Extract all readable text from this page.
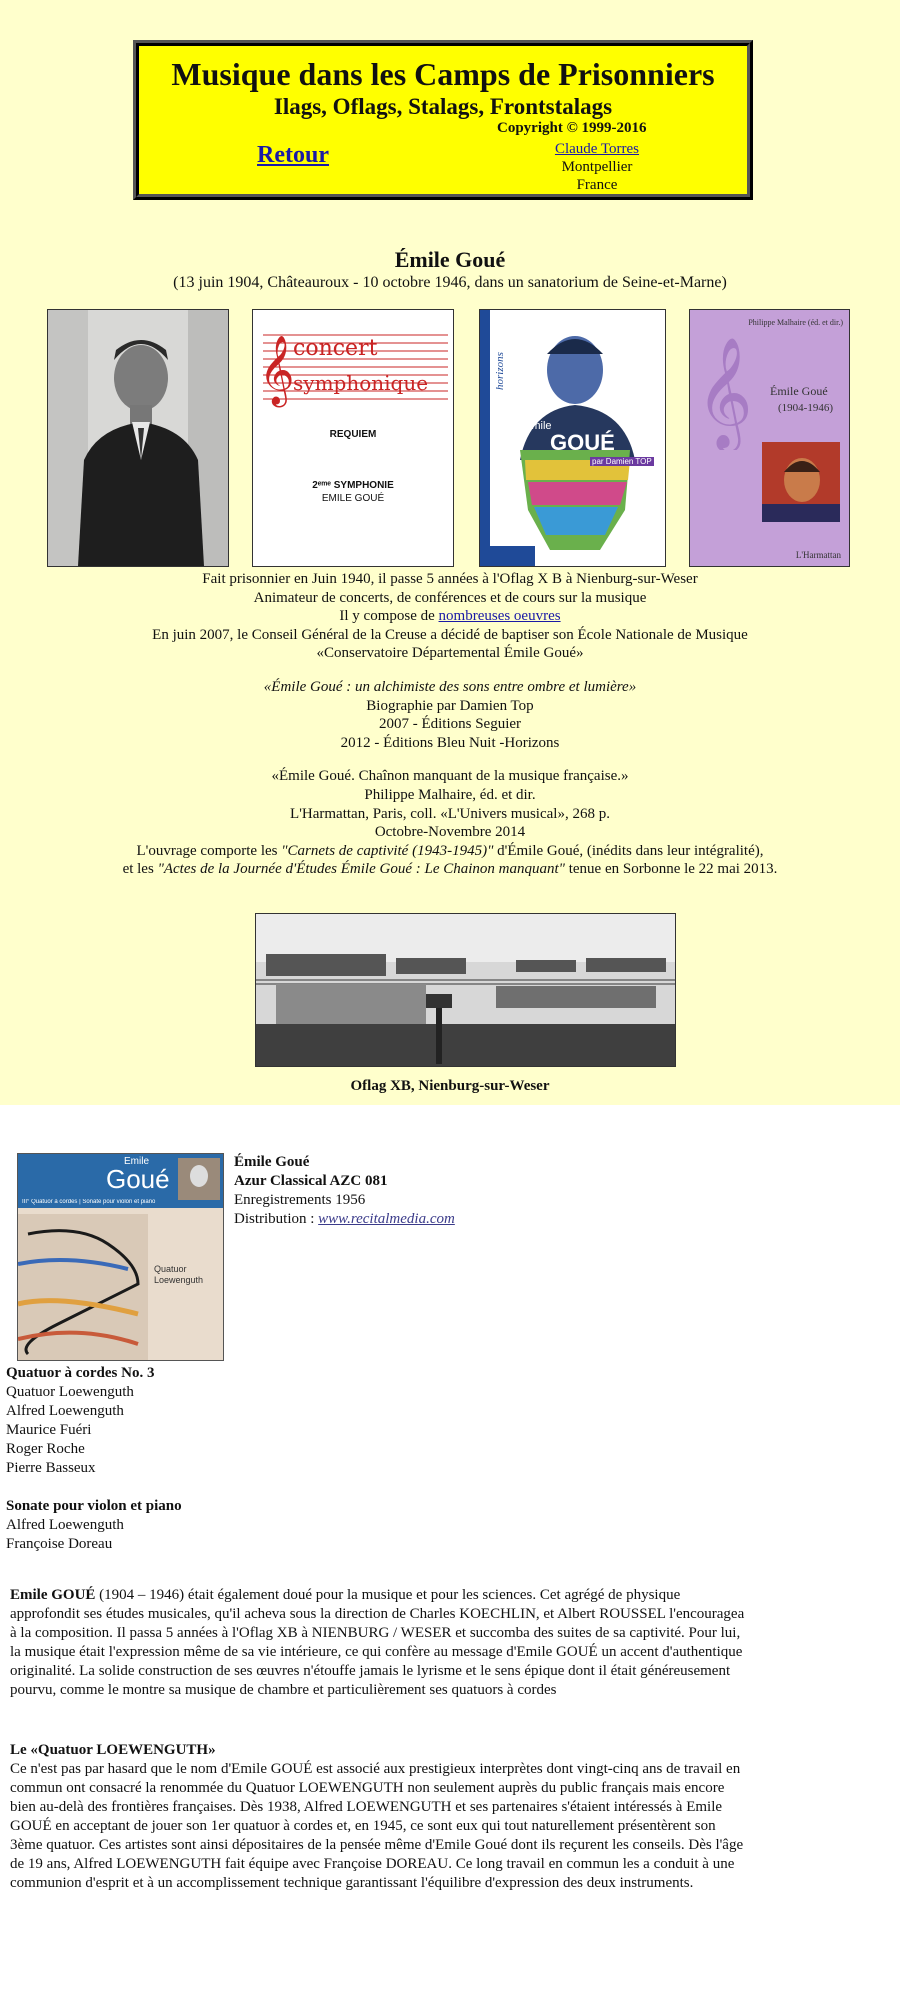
Musique dans les Camps de Prisonniers
Ilags, Oflags, Stalags, Frontstalags
Copyright © 1999-2016
Retour	Claude Torres
Montpellier
France
Émile Goué
(13 juin 1904, Châteauroux - 10 octobre 1946, dans un sanatorium de Seine-et-Marne)
𝄞
concert
symphonique
REQUIEM
2ᵉᵐᵉ SYMPHONIE
EMILE GOUÉ
horizons
Émile
GOUÉ
par Damien TOP
Philippe Malhaire (éd. et dir.)
𝄞 Émile Goué
(1904-1946)
L'Harmattan

Fait prisonnier en Juin 1940, il passe 5 années à l'Oflag X B à Nienburg-sur-Weser

Animateur de concerts, de conférences et de cours sur la musique

Il y compose de nombreuses oeuvres

En juin 2007, le Conseil Général de la Creuse a décidé de baptiser son École Nationale de Musique

«Conservatoire Départemental Émile Goué»

«Émile Goué : un alchimiste des sons entre ombre et lumière»

Biographie par Damien Top

2007 - Éditions Seguier

2012 - Éditions Bleu Nuit -Horizons

«Émile Goué. Chaînon manquant de la musique française.»

Philippe Malhaire, éd. et dir.

L'Harmattan, Paris, coll. «L'Univers musical», 268 p.

Octobre-Novembre 2014

L'ouvrage comporte les "Carnets de captivité (1943-1945)" d'Émile Goué, (inédits dans leur intégralité),

et les "Actes de la Journée d'Études Émile Goué : Le Chainon manquant" tenue en Sorbonne le 22 mai 2013.

Oflag XB, Nienburg-sur-Weser
Emile
Goué
III° Quatuor à cordes | Sonate pour violon et piano
Quatuor
Loewenguth
Émile Goué
Azur Classical AZC 081
Enregistrements 1956
Distribution : www.recitalmedia.com
Quatuor à cordes No. 3
Quatuor Loewenguth
Alfred Loewenguth
Maurice Fuéri
Roger Roche
Pierre Basseux
Sonate pour violon et piano
Alfred Loewenguth
Françoise Doreau
Emile GOUÉ (1904 – 1946) était également doué pour la musique et pour les sciences. Cet agrégé de physique approfondit ses études musicales, qu'il acheva sous la direction de Charles KOECHLIN, et Albert ROUSSEL l'encouragea à la composition. Il passa 5 années à l'Oflag XB à NIENBURG / WESER et succomba des suites de sa captivité. Pour lui, la musique était l'expression même de sa vie intérieure, ce qui confère au message d'Emile GOUÉ un accent d'authentique originalité. La solide construction de ses œuvres n'étouffe jamais le lyrisme et le sens épique dont il était généreusement pourvu, comme le montre sa musique de chambre et particulièrement ses quatuors à cordes
Le «Quatuor LOEWENGUTH»
Ce n'est pas par hasard que le nom d'Emile GOUÉ est associé aux prestigieux interprètes dont vingt-cinq ans de travail en commun ont consacré la renommée du Quatuor LOEWENGUTH non seulement auprès du public français mais encore bien au-delà des frontières françaises. Dès 1938, Alfred LOEWENGUTH et ses partenaires s'étaient intéressés à Emile GOUÉ en acceptant de jouer son 1er quatuor à cordes et, en 1945, ce sont eux qui tout naturellement présentèrent son 3ème quatuor. Ces artistes sont ainsi dépositaires de la pensée même d'Emile Goué dont ils reçurent les conseils. Dès l'âge de 19 ans, Alfred LOEWENGUTH fait équipe avec Françoise DOREAU. Ce long travail en commun les a conduit à une communion d'esprit et à un accomplissement technique garantissant l'équilibre d'expression des deux instruments.
